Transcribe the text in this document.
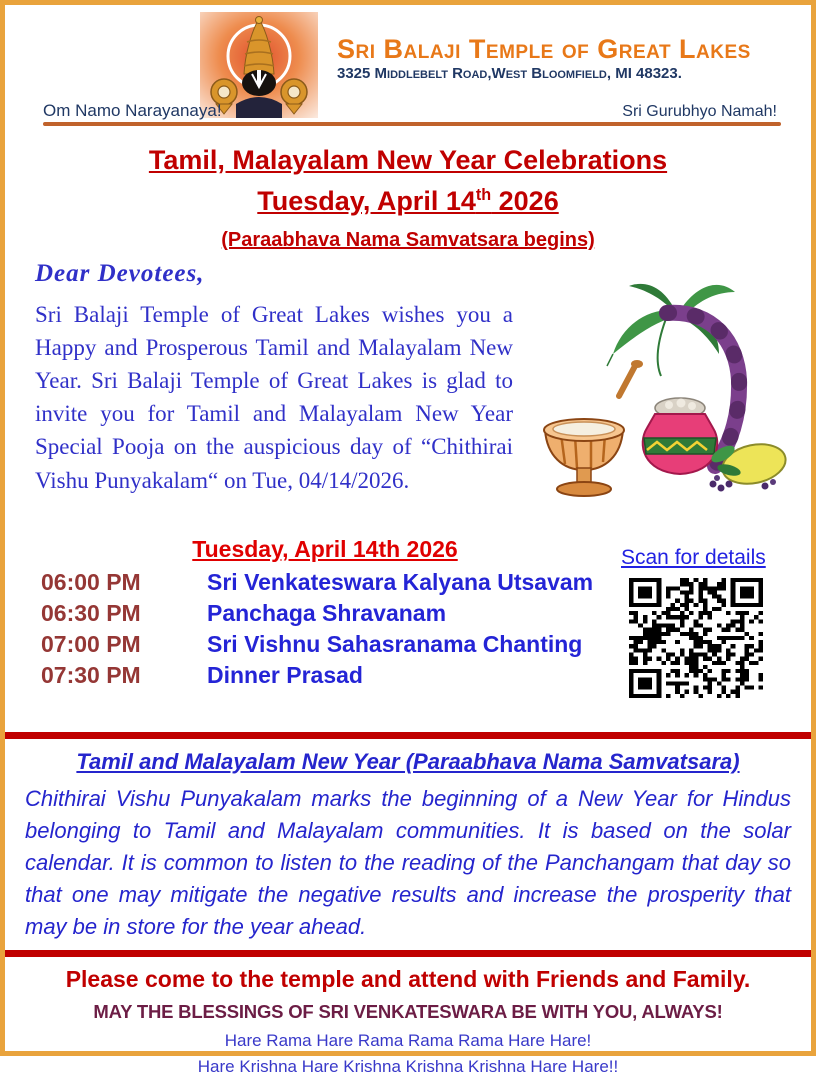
Sri Balaji Temple of Great Lakes
3325 Middlebelt Road,West Bloomfield, MI 48323.
Om Namo Narayanaya!	Sri Gurubhyo Namah!
Tamil, Malayalam New Year Celebrations
Tuesday, April 14th 2026
(Paraabhava Nama Samvatsara begins)
Dear Devotees,
Sri Balaji Temple of Great Lakes wishes you a Happy and Prosperous Tamil and Malayalam New Year. Sri Balaji Temple of Great Lakes is glad to invite you for Tamil and Malayalam New Year Special Pooja on the auspicious day of “Chithirai Vishu Punyakalam“ on Tue, 04/14/2026.
Tuesday, April 14th 2026
06:00 PM	Sri Venkateswara Kalyana Utsavam
06:30 PM	Panchaga Shravanam
07:00 PM	Sri Vishnu Sahasranama Chanting
07:30 PM	Dinner Prasad
Scan for details
Tamil and Malayalam New Year (Paraabhava Nama Samvatsara)
Chithirai Vishu Punyakalam marks the beginning of a New Year for Hindus belonging to Tamil and Malayalam communities. It is based on the solar calendar. It is common to listen to the reading of the Panchangam that day so that one may mitigate the negative results and increase the prosperity that may be in store for the year ahead.
Please come to the temple and attend with Friends and Family.
MAY THE BLESSINGS OF SRI VENKATESWARA BE WITH YOU, ALWAYS!
Hare Rama Hare Rama Rama Rama Hare Hare!
Hare Krishna Hare Krishna Krishna Krishna Hare Hare!!
